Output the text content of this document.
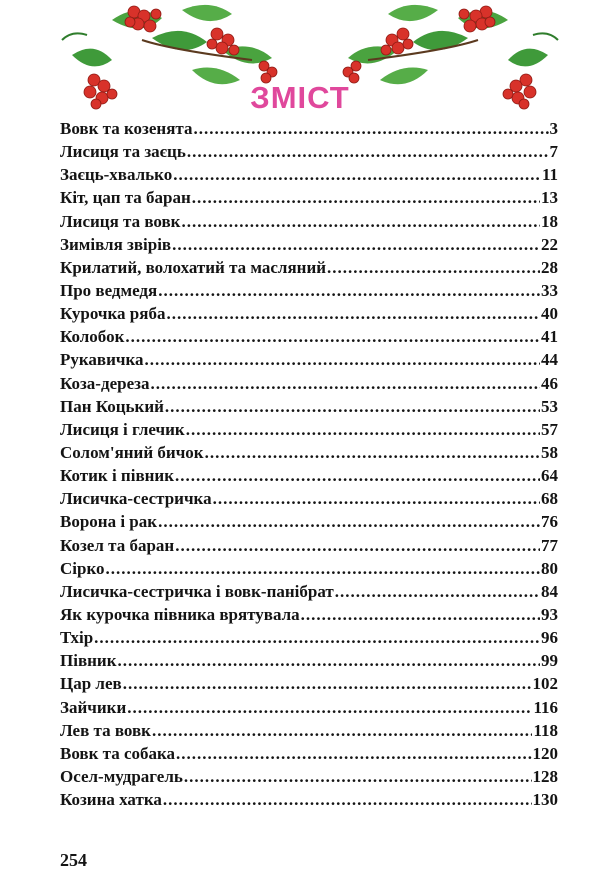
ЗМІСТ
Вовк та козенята .....	3
Лисиця та заєць .....	7
Заєць-хвалько .....	11
Кіт, цап та баран .....	13
Лисиця та вовк .....	18
Зимівля звірів .....	22
Крилатий, волохатий та масляний .....	28
Про ведмедя .....	33
Курочка ряба .....	40
Колобок .....	41
Рукавичка .....	44
Коза-дереза .....	46
Пан Коцький .....	53
Лисиця і глечик .....	57
Солом'яний бичок .....	58
Котик і півник .....	64
Лисичка-сестричка .....	68
Ворона і рак .....	76
Козел та баран .....	77
Сірко .....	80
Лисичка-сестричка і вовк-панібрат .....	84
Як курочка півника врятувала .....	93
Тхір .....	96
Півник .....	99
Цар лев .....	102
Зайчики .....	116
Лев та вовк .....	118
Вовк та собака .....	120
Осел-мудрагель .....	128
Козина хатка .....	130
254
